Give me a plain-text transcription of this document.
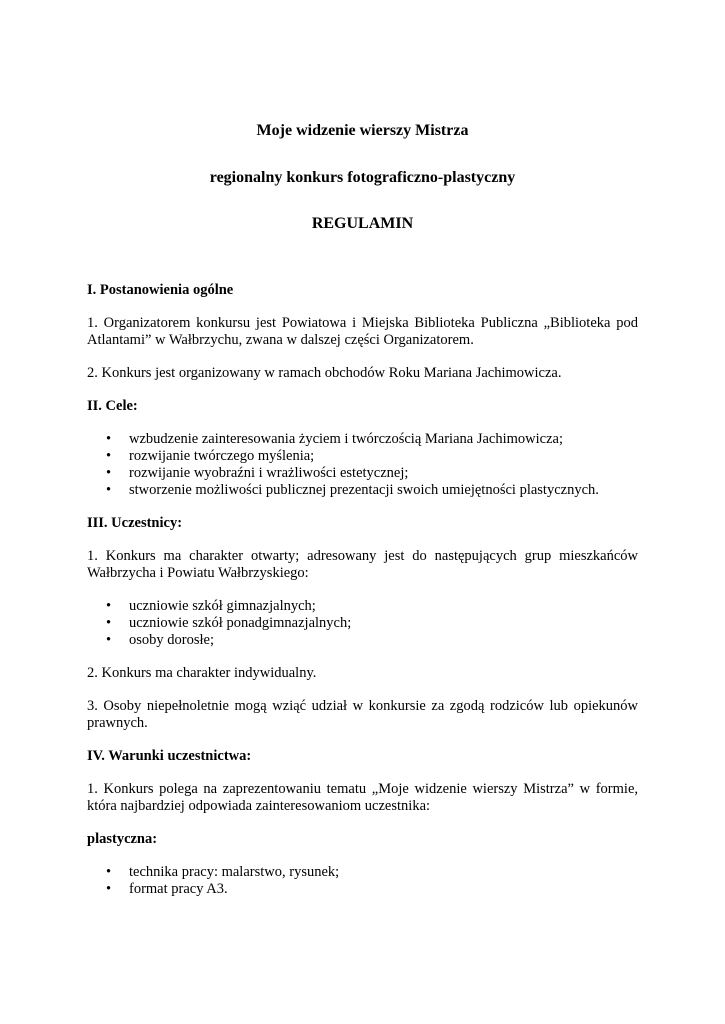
Moje widzenie wierszy Mistrza
regionalny konkurs fotograficzno-plastyczny
REGULAMIN
I. Postanowienia ogólne

1. Organizatorem konkursu jest Powiatowa i Miejska Biblioteka Publiczna „Biblioteka pod Atlantami” w Wałbrzychu, zwana w dalszej części Organizatorem.

2. Konkurs jest organizowany w ramach obchodów Roku Mariana Jachimowicza.

II. Cele:
• wzbudzenie zainteresowania życiem i twórczością Mariana Jachimowicza;
• rozwijanie twórczego myślenia;
• rozwijanie wyobraźni i wrażliwości estetycznej;
• stworzenie możliwości publicznej prezentacji swoich umiejętności plastycznych.
III. Uczestnicy:

1. Konkurs ma charakter otwarty; adresowany jest do następujących grup mieszkańców Wałbrzycha i Powiatu Wałbrzyskiego:

• uczniowie szkół gimnazjalnych;
• uczniowie szkół ponadgimnazjalnych;
• osoby dorosłe;

2. Konkurs ma charakter indywidualny.

3. Osoby niepełnoletnie mogą wziąć udział w konkursie za zgodą rodziców lub opiekunów prawnych.

IV. Warunki uczestnictwa:

1. Konkurs polega na zaprezentowaniu tematu „Moje widzenie wierszy Mistrza” w formie, która najbardziej odpowiada zainteresowaniom uczestnika:

plastyczna:
• technika pracy: malarstwo, rysunek;
• format pracy A3.
